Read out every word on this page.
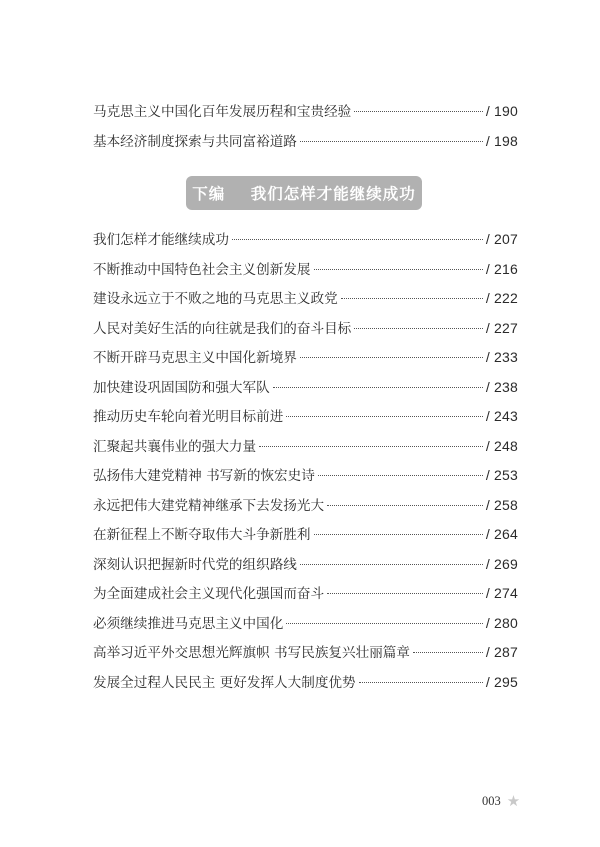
马克思主义中国化百年发展历程和宝贵经验	/ 190
基本经济制度探索与共同富裕道路	/ 198
下编    我们怎样才能继续成功
我们怎样才能继续成功	/ 207
不断推动中国特色社会主义创新发展	/ 216
建设永远立于不败之地的马克思主义政党	/ 222
人民对美好生活的向往就是我们的奋斗目标	/ 227
不断开辟马克思主义中国化新境界	/ 233
加快建设巩固国防和强大军队	/ 238
推动历史车轮向着光明目标前进	/ 243
汇聚起共襄伟业的强大力量	/ 248
弘扬伟大建党精神 书写新的恢宏史诗	/ 253
永远把伟大建党精神继承下去发扬光大	/ 258
在新征程上不断夺取伟大斗争新胜利	/ 264
深刻认识把握新时代党的组织路线	/ 269
为全面建成社会主义现代化强国而奋斗	/ 274
必须继续推进马克思主义中国化	/ 280
高举习近平外交思想光辉旗帜 书写民族复兴壮丽篇章	/ 287
发展全过程人民民主 更好发挥人大制度优势	/ 295
003 ★
